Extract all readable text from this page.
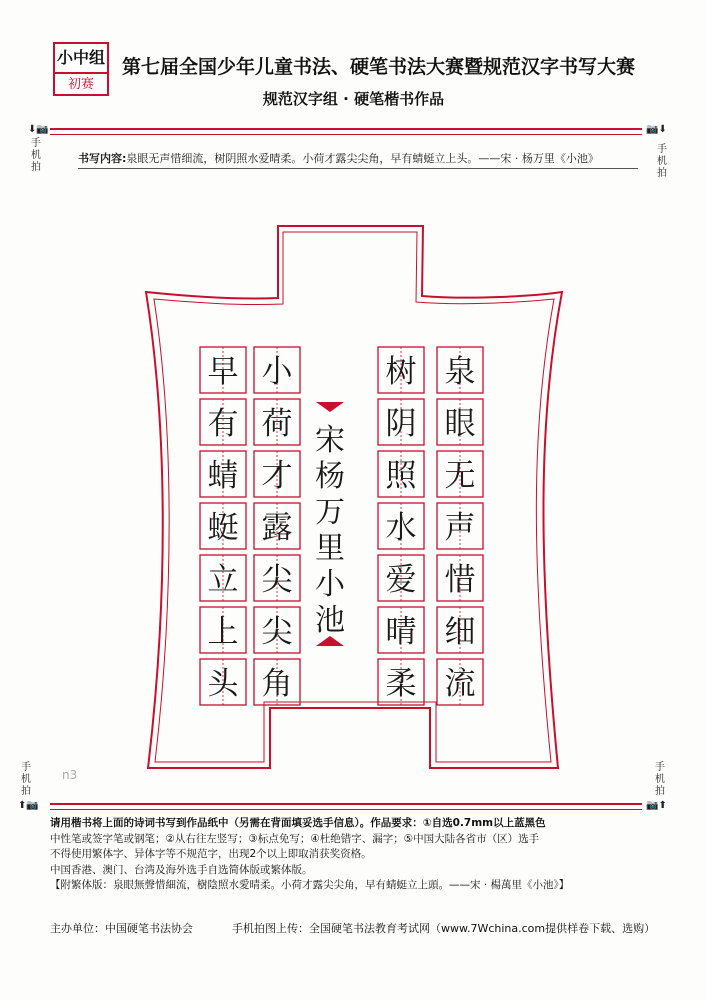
小中组
初赛
第七届全国少年儿童书法、硬笔书法大赛暨规范汉字书写大赛
规范汉字组 · 硬笔楷书作品
⬇📷
手机拍
📷⬇
手机拍
书写内容:泉眼无声惜细流，树阴照水爱晴柔。小荷才露尖尖角，早有蜻蜓立上头。——宋 · 杨万里《小池》
泉
眼
无
声
惜
细
流
树
阴
照
水
爱
晴
柔
小
荷
才
露
尖
尖
角
早
有
蜻
蜓
立
上
头
宋
杨
万
里
小
池
n3
手机拍
⬆📷
手机拍
📷⬆
请用楷书将上面的诗词书写到作品纸中（另需在背面填妥选手信息）。作品要求：①自选0.7mm以上蓝黑色
中性笔或签字笔或钢笔；②从右往左竖写；③标点免写；④杜绝错字、漏字；⑤中国大陆各省市（区）选手
不得使用繁体字、异体字等不规范字，出现2个以上即取消获奖资格。
中国香港、澳门、台湾及海外选手自选简体版或繁体版。
【附繁体版：泉眼無聲惜細流，樹陰照水愛晴柔。小荷才露尖尖角，早有蜻蜓立上頭。——宋 · 楊萬里《小池》】
主办单位：中国硬笔书法协会	手机拍图上传：全国硬笔书法教育考试网（www.7Wchina.com提供样卷下载、选购）
